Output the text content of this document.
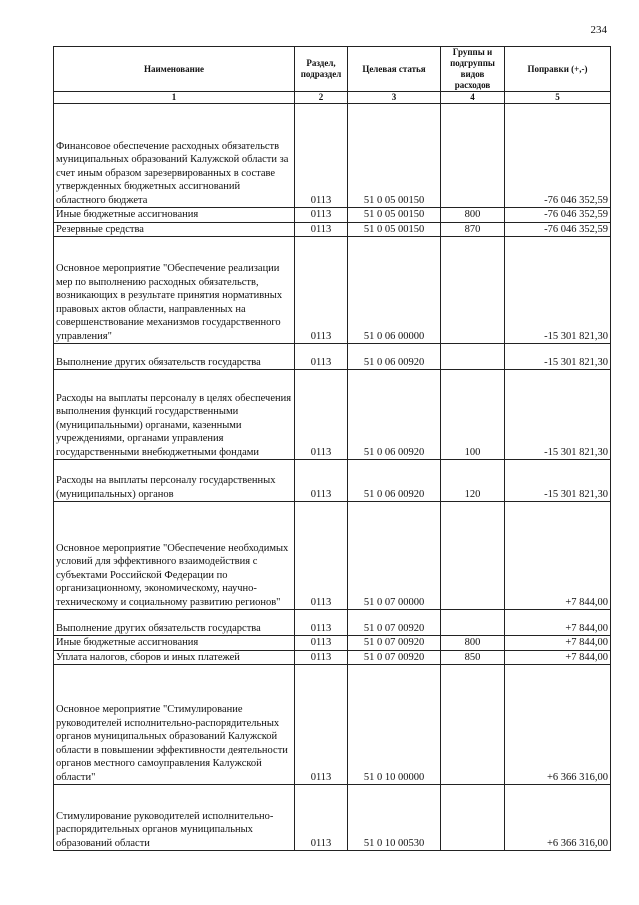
234
Наименование	Раздел, подраздел	Целевая статья	Группы и подгруппы видов расходов	Поправки (+,-)
1	2	3	4	5
Финансовое обеспечение расходных обязательств муниципальных образований Калужской области за счет иным образом зарезервированных в составе утвержденных бюджетных ассигнований областного бюджета	0113	51 0 05 00150		-76 046 352,59
Иные бюджетные ассигнования	0113	51 0 05 00150	800	-76 046 352,59
Резервные средства	0113	51 0 05 00150	870	-76 046 352,59
Основное мероприятие "Обеспечение реализации мер по выполнению расходных обязательств, возникающих в результате принятия нормативных правовых актов области, направленных на совершенствование механизмов государственного управления"	0113	51 0 06 00000		-15 301 821,30
Выполнение других обязательств государства	0113	51 0 06 00920		-15 301 821,30
Расходы на выплаты персоналу в целях обеспечения выполнения функций государственными (муниципальными) органами, казенными учреждениями, органами управления государственными внебюджетными фондами	0113	51 0 06 00920	100	-15 301 821,30
Расходы на выплаты персоналу государственных (муниципальных) органов	0113	51 0 06 00920	120	-15 301 821,30
Основное мероприятие "Обеспечение необходимых условий для эффективного взаимодействия с субъектами Российской Федерации по организационному, экономическому, научно-техническому и социальному развитию регионов"	0113	51 0 07 00000		+7 844,00
Выполнение других обязательств государства	0113	51 0 07 00920		+7 844,00
Иные бюджетные ассигнования	0113	51 0 07 00920	800	+7 844,00
Уплата налогов, сборов и иных платежей	0113	51 0 07 00920	850	+7 844,00
Основное мероприятие "Стимулирование руководителей исполнительно-распорядительных органов муниципальных образований Калужской области в повышении эффективности деятельности органов местного самоуправления Калужской области"	0113	51 0 10 00000		+6 366 316,00
Стимулирование руководителей исполнительно-распорядительных органов муниципальных образований области	0113	51 0 10 00530		+6 366 316,00
